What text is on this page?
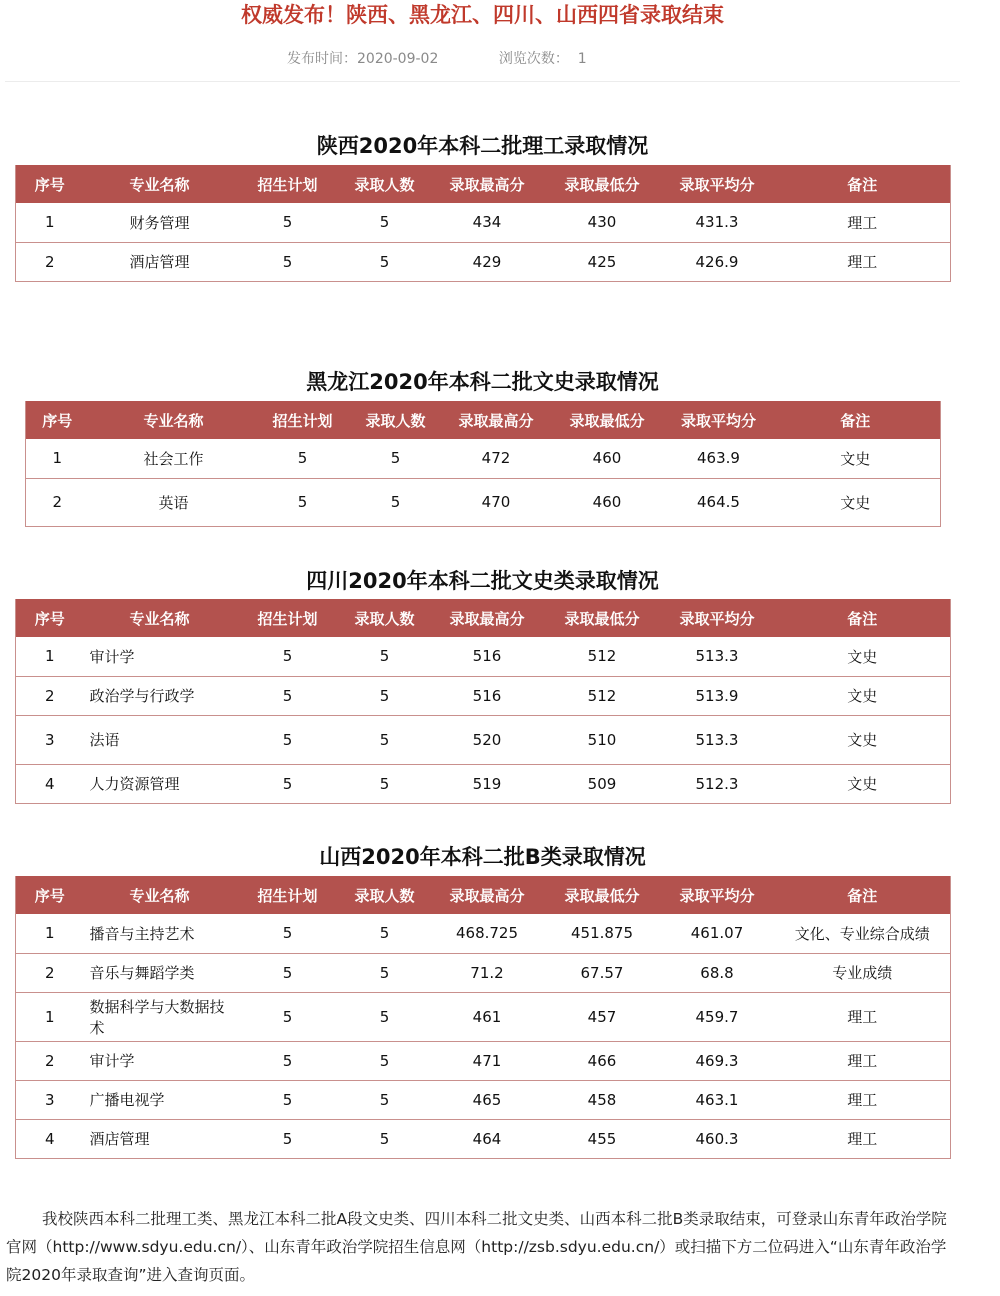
权威发布！陕西、黑龙江、四川、山西四省录取结束
发布时间：2020-09-02	浏览次数： 1
陕西2020年本科二批理工录取情况
序号	专业名称	招生计划	录取人数	录取最高分	录取最低分	录取平均分	备注
1	财务管理	5	5	434	430	431.3	理工
2	酒店管理	5	5	429	425	426.9	理工
黑龙江2020年本科二批文史录取情况
序号	专业名称	招生计划	录取人数	录取最高分	录取最低分	录取平均分	备注
1	社会工作	5	5	472	460	463.9	文史
2	英语	5	5	470	460	464.5	文史
四川2020年本科二批文史类录取情况
序号	专业名称	招生计划	录取人数	录取最高分	录取最低分	录取平均分	备注
1	审计学	5	5	516	512	513.3	文史
2	政治学与行政学	5	5	516	512	513.9	文史
3	法语	5	5	520	510	513.3	文史
4	人力资源管理	5	5	519	509	512.3	文史
山西2020年本科二批B类录取情况
序号	专业名称	招生计划	录取人数	录取最高分	录取最低分	录取平均分	备注
1	播音与主持艺术	5	5	468.725	451.875	461.07	文化、专业综合成绩
2	音乐与舞蹈学类	5	5	71.2	67.57	68.8	专业成绩
1	数据科学与大数据技术	5	5	461	457	459.7	理工
2	审计学	5	5	471	466	469.3	理工
3	广播电视学	5	5	465	458	463.1	理工
4	酒店管理	5	5	464	455	460.3	理工
我校陕西本科二批理工类、黑龙江本科二批A段文史类、四川本科二批文史类、山西本科二批B类录取结束，可登录山东青年政治学院官网（http://www.sdyu.edu.cn/）、山东青年政治学院招生信息网（http://zsb.sdyu.edu.cn/）或扫描下方二位码进入“山东青年政治学院2020年录取查询”进入查询页面。
